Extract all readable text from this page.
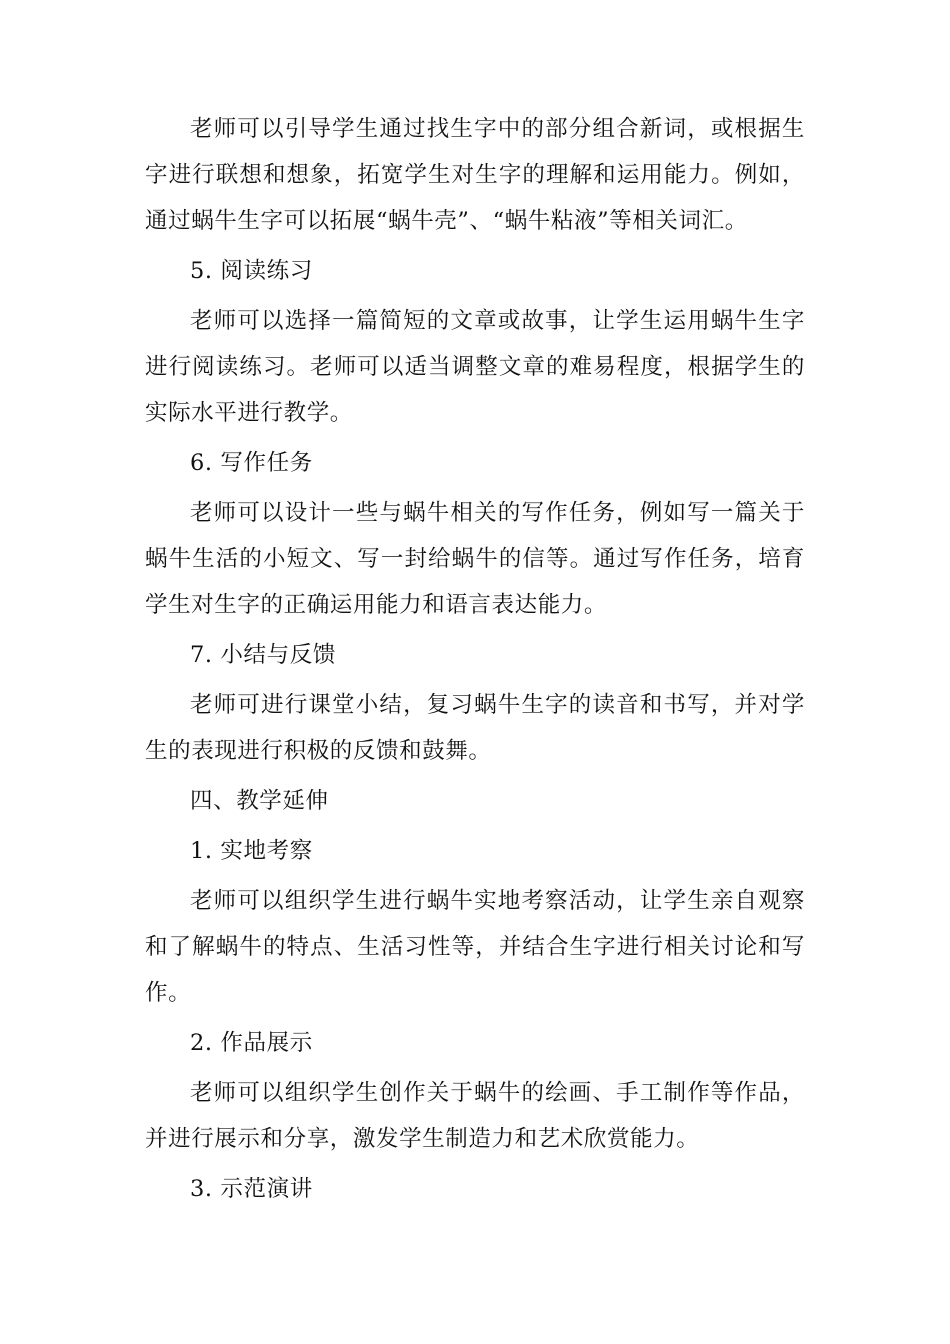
老师可以引导学生通过找生字中的部分组合新词，或根据生字进行联想和想象，拓宽学生对生字的理解和运用能力。例如，通过蜗牛生字可以拓展“蜗牛壳”、“蜗牛粘液”等相关词汇。

5. 阅读练习

老师可以选择一篇简短的文章或故事，让学生运用蜗牛生字进行阅读练习。老师可以适当调整文章的难易程度，根据学生的实际水平进行教学。

6. 写作任务

老师可以设计一些与蜗牛相关的写作任务，例如写一篇关于蜗牛生活的小短文、写一封给蜗牛的信等。通过写作任务，培育学生对生字的正确运用能力和语言表达能力。

7. 小结与反馈

老师可进行课堂小结，复习蜗牛生字的读音和书写，并对学生的表现进行积极的反馈和鼓舞。

四、教学延伸

1. 实地考察

老师可以组织学生进行蜗牛实地考察活动，让学生亲自观察和了解蜗牛的特点、生活习性等，并结合生字进行相关讨论和写作。

2. 作品展示

老师可以组织学生创作关于蜗牛的绘画、手工制作等作品，并进行展示和分享，激发学生制造力和艺术欣赏能力。

3. 示范演讲
